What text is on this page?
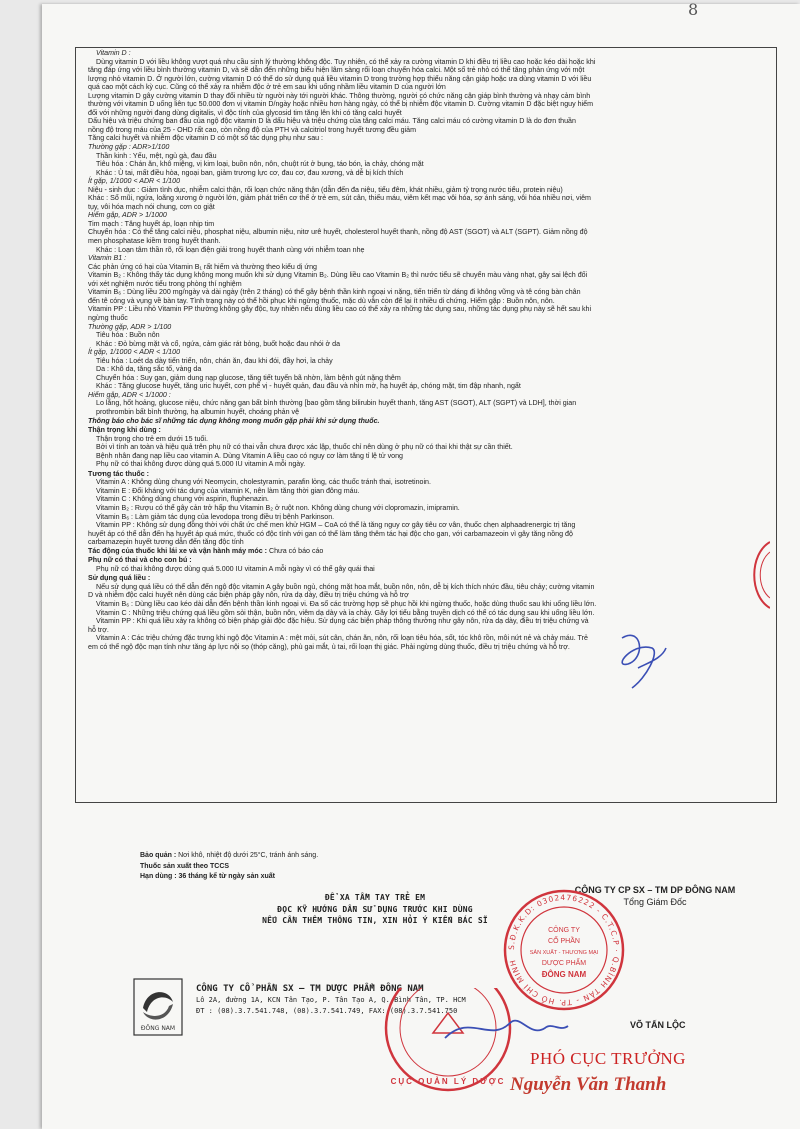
8

Vitamin D :

Dùng vitamin D với liều không vượt quá nhu cầu sinh lý thường không độc. Tuy nhiên, có thể xảy ra cường vitamin D khi điều trị liều cao hoặc kéo dài hoặc khi

tăng đáp ứng với liều bình thường vitamin D, và sẽ dẫn đến những biểu hiện lâm sàng rối loạn chuyển hóa calci. Một số trẻ nhỏ có thể tăng phản ứng với một

lượng nhỏ vitamin D. Ở người lớn, cường vitamin D có thể do sử dụng quá liều vitamin D trong trường hợp thiểu năng cận giáp hoặc ưa dùng vitamin D với liều

quá cao một cách kỳ cục. Cũng có thể xảy ra nhiễm độc ở trẻ em sau khi uống nhầm liều vitamin D của người lớn

Lượng vitamin D gây cường vitamin D thay đổi nhiều từ người này tới người khác. Thông thường, người có chức năng cận giáp bình thường và nhạy cảm bình

thường với vitamin D uống liên tục 50.000 đơn vị vitamin D/ngày hoặc nhiều hơn hàng ngày, có thể bị nhiễm độc vitamin D. Cường vitamin D đặc biệt nguy hiểm

đối với những người đang dùng digitalis, vì độc tính của glycosid tim tăng lên khi có tăng calci huyết

Dấu hiệu và triệu chứng ban đầu của ngộ độc vitamin D là dấu hiệu và triệu chứng của tăng calci máu. Tăng calci máu có cường vitamin D là do đơn thuần

nồng độ trong máu của 25 - OHD rất cao, còn nồng độ của PTH và calcitriol trong huyết tương đều giảm

Tăng calci huyết và nhiễm độc vitamin D có một số tác dụng phụ như sau :

Thường gặp : ADR>1/100

Thần kinh : Yếu, mệt, ngủ gà, đau đầu

Tiêu hóa : Chán ăn, khô miệng, vị kim loại, buồn nôn, nôn, chuột rút ở bụng, táo bón, ỉa chảy, chóng mặt

Khác : Ù tai, mất điều hòa, ngoại ban, giảm trương lực cơ, đau cơ, đau xương, và dễ bị kích thích

Ít gặp, 1/1000 < ADR < 1/100

Niệu - sinh dục : Giảm tình dục, nhiễm calci thận, rối loạn chức năng thận (dẫn đến đa niệu, tiểu đêm, khát nhiều, giảm tỷ trọng nước tiểu, protein niệu)

Khác : Sổ mũi, ngứa, loãng xương ở người lớn, giảm phát triển cơ thể ở trẻ em, sút cân, thiếu máu, viêm kết mạc vôi hóa, sợ ánh sáng, vôi hóa nhiều nơi, viêm

tụy, vôi hóa mạch nói chung, cơn co giật

Hiếm gặp, ADR > 1/1000

Tim mạch : Tăng huyết áp, loạn nhịp tim

Chuyển hóa : Có thể tăng calci niệu, phosphat niệu, albumin niệu, nitơ urê huyết, cholesterol huyết thanh, nồng độ AST (SGOT) và ALT (SGPT). Giảm nồng độ

men phosphatase kiềm trong huyết thanh.

Khác : Loạn tâm thần rõ, rối loạn điện giải trong huyết thanh cùng với nhiễm toan nhẹ

Vitamin B1 :

Các phản ứng có hại của Vitamin B₁ rất hiếm và thường theo kiểu dị ứng

Vitamin B₂ : Không thấy tác dụng không mong muốn khi sử dụng Vitamin B₂. Dùng liều cao Vitamin B₂ thì nước tiểu sẽ chuyển màu vàng nhạt, gây sai lệch đối

với xét nghiệm nước tiểu trong phòng thí nghiệm

Vitamin B₆ : Dùng liều 200 mg/ngày và dài ngày (trên 2 tháng) có thể gây bệnh thần kinh ngoại vi nặng, tiến triển từ dáng đi không vững và tê cóng bàn chân

đến tê cóng và vụng về bàn tay. Tình trạng này có thể hồi phục khi ngừng thuốc, mặc dù vẫn còn để lại ít nhiều di chứng. Hiếm gặp : Buồn nôn, nôn.

Vitamin PP : Liều nhỏ Vitamin PP thường không gây độc, tuy nhiên nếu dùng liều cao có thể xảy ra những tác dụng sau, những tác dụng phụ này sẽ hết sau khi

ngừng thuốc

Thường gặp, ADR > 1/100

Tiêu hóa : Buồn nôn

Khác : Đỏ bừng mặt và cổ, ngứa, cảm giác rát bỏng, buốt hoặc đau nhói ở da

Ít gặp, 1/1000 < ADR < 1/100

Tiêu hóa : Loét dạ dày tiến triển, nôn, chán ăn, đau khi đói, đầy hơi, ỉa chảy

Da : Khô da, tăng sắc tố, vàng da

Chuyển hóa : Suy gan, giảm dung nạp glucose, tăng tiết tuyến bã nhờn, làm bệnh gút nặng thêm

Khác : Tăng glucose huyết, tăng uric huyết, cơn phế vị - huyết quản, đau đầu và nhìn mờ, hạ huyết áp, chóng mặt, tim đập nhanh, ngất

Hiếm gặp, ADR < 1/1000 :

Lo lắng, hốt hoảng, glucose niệu, chức năng gan bất bình thường [bao gồm tăng bilirubin huyết thanh, tăng AST (SGOT), ALT (SGPT) và LDH], thời gian

prothrombin bất bình thường, hạ albumin huyết, choáng phản vệ

Thông báo cho bác sĩ những tác dụng không mong muốn gặp phải khi sử dụng thuốc.

Thận trọng khi dùng :

Thận trọng cho trẻ em dưới 15 tuổi.

Bởi vì tính an toàn và hiệu quả trên phụ nữ có thai vẫn chưa được xác lập, thuốc chỉ nên dùng ở phụ nữ có thai khi thật sự cần thiết.

Bệnh nhân đang nạp liều cao vitamin A. Dùng Vitamin A liều cao có nguy cơ làm tăng tỉ lệ tử vong

Phụ nữ có thai không được dùng quá 5.000 IU vitamin A mỗi ngày.

Tương tác thuốc :

Vitamin A : Không dùng chung với Neomycin, cholestyramin, parafin lỏng, các thuốc tránh thai, isotretinoin.

Vitamin E : Đối kháng với tác dụng của vitamin K, nên làm tăng thời gian đông máu.

Vitamin C : Không dùng chung với aspirin, fluphenazin.

Vitamin B₂ : Rượu có thể gây cản trở hấp thu Vitamin B₂ ở ruột non. Không dùng chung với clopromazin, imipramin.

Vitamin B₆ : Làm giảm tác dụng của levodopa trong điều trị bệnh Parkinson.

Vitamin PP : Không sử dụng đồng thời với chất ức chế men khử HGM – CoA có thể là tăng nguy cơ gây tiêu cơ vân, thuốc chẹn alphaadrenergic trị tăng

huyết áp có thể dẫn đến hạ huyết áp quá mức, thuốc có độc tính với gan có thể làm tăng thêm tác hại độc cho gan, với carbamazeoin vì gây tăng nồng độ

carbamazepin huyết tương dẫn đến tăng độc tính

Tác động của thuốc khi lái xe và vận hành máy móc : Chưa có báo cáo

Phụ nữ có thai và cho con bú :

Phụ nữ có thai không được dùng quá 5.000 IU vitamin A mỗi ngày vì có thể gây quái thai

Sử dụng quá liều :

Nếu sử dụng quá liều có thể dẫn đến ngộ độc vitamin A gây buồn ngủ, chóng mặt hoa mắt, buồn nôn, nôn, dễ bị kích thích nhức đầu, tiêu chảy; cường vitamin

D và nhiễm độc calci huyết nên dùng các biện pháp gây nôn, rửa dạ dày, điều trị triệu chứng và hỗ trợ

Vitamin B₆ : Dùng liều cao kéo dài dẫn đến bệnh thần kinh ngoại vi. Đa số các trường hợp sẽ phục hồi khi ngừng thuốc, hoặc dùng thuốc sau khi uống liều lớn.

Vitamin C : Những triệu chứng quá liều gồm sỏi thận, buồn nôn, viêm dạ dày và ỉa chảy. Gây lợi tiểu bằng truyền dịch có thể có tác dụng sau khi uống liều lớn.

Vitamin PP : Khi quá liều xảy ra không có biện pháp giải độc đặc hiệu. Sử dụng các biện pháp thông thường như gây nôn, rửa dạ dày, điều trị triệu chứng và

hỗ trợ.

Vitamin A : Các triệu chứng đặc trưng khi ngộ độc Vitamin A : mệt mỏi, sút cân, chán ăn, nôn, rối loạn tiêu hóa, sốt, tóc khô rồn, môi nứt nẻ và chảy máu. Trẻ

em có thể ngộ độc mạn tính như tăng áp lực nội sọ (thóp căng), phù gai mắt, ù tai, rối loạn thị giác. Phải ngừng dùng thuốc, điều trị triệu chứng và hỗ trợ.

Bảo quản : Nơi khô, nhiệt độ dưới 25°C, tránh ánh sáng.
Thuốc sản xuất theo TCCS
Hạn dùng : 36 tháng kể từ ngày sản xuất
ĐỂ XA TẦM TAY TRẺ EM
ĐỌC KỸ HƯỚNG DẪN SỬ DỤNG TRƯỚC KHI DÙNG
NẾU CẦN THÊM THÔNG TIN, XIN HỎI Ý KIẾN BÁC SĨ
ĐÔNG NAM
CÔNG TY CỔ PHẦN SX – TM DƯỢC PHẨM ĐÔNG NAM
Lô 2A, đường 1A, KCN Tân Tạo, P. Tân Tạo A, Q. Bình Tân, TP. HCM
ĐT : (08).3.7.541.748, (08).3.7.541.749, FAX: (08).3.7.541.750
CÔNG TY CP SX – TM DP ĐÔNG NAM
Tổng Giám Đốc
S.Đ.K.K.D: 0302476222 - C.T.C.P · Q.BÌNH TÂN - TP. HỒ CHÍ MINH
CÔNG TY
CỔ PHẦN
SẢN XUẤT - THƯƠNG MẠI
DƯỢC PHẨM
ĐÔNG NAM
CỤC QUẢN LÝ DƯỢC
VÕ TẤN LỘC
PHÓ CỤC TRƯỞNG
Nguyễn Văn Thanh
